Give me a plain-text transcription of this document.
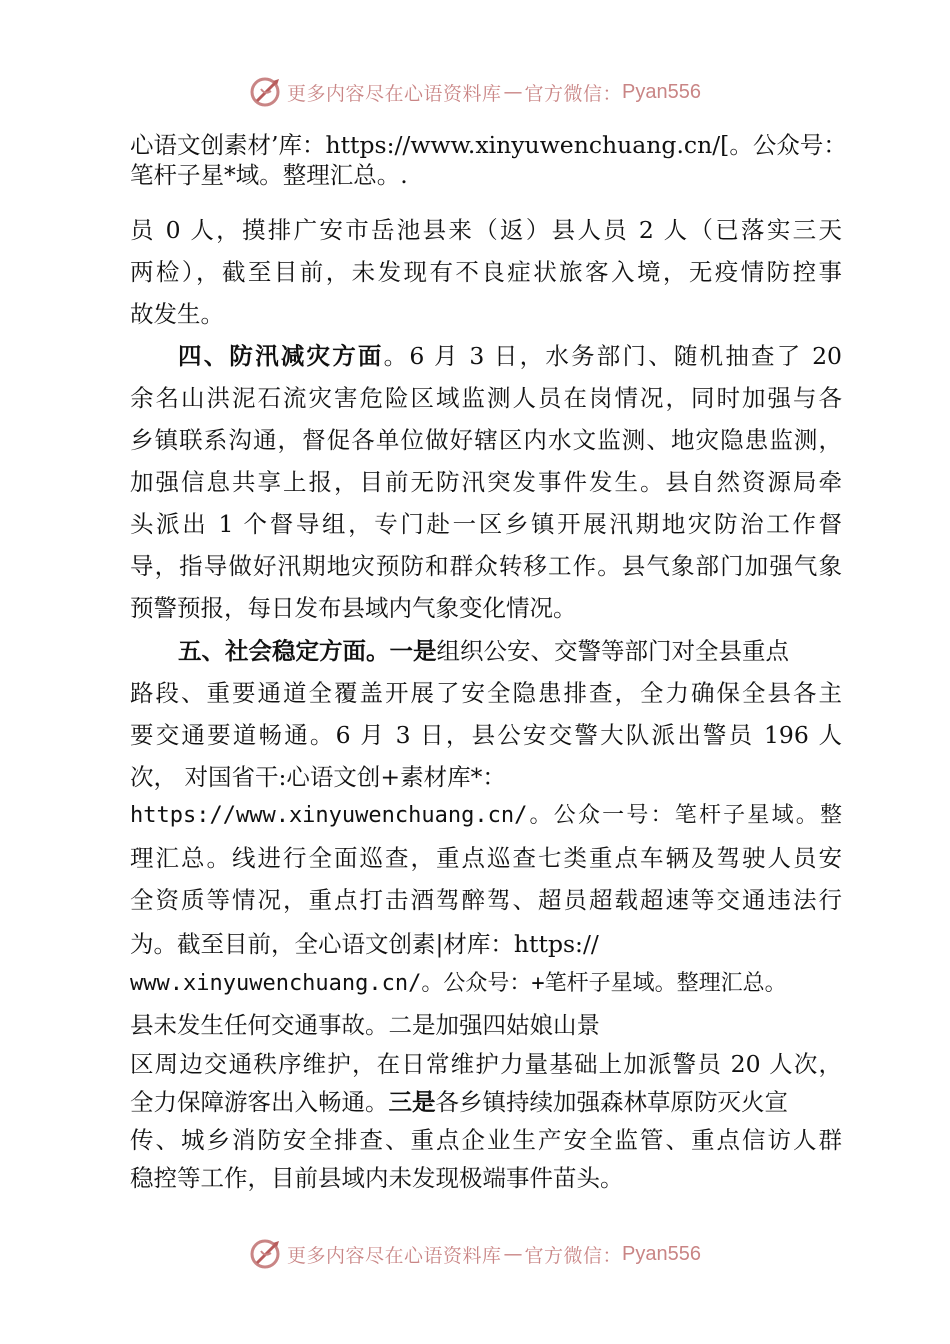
更多内容尽在心语资料库 — 官方微信： Pyan556
心语文创素材’库：https://www.xinyuwenchuang.cn/[。公众号：
笔杆子星*域。整理汇总。.
员 0 人，摸排广安市岳池县来（返）县人员 2 人（已落实三天
两检），截至目前，未发现有不良症状旅客入境，无疫情防控事
故发生。
四、防汛减灾方面。6 月 3 日，水务部门、随机抽查了 20
余名山洪泥石流灾害危险区域监测人员在岗情况，同时加强与各
乡镇联系沟通，督促各单位做好辖区内水文监测、地灾隐患监测，
加强信息共享上报，目前无防汛突发事件发生。县自然资源局牵
头派出 1 个督导组，专门赴一区乡镇开展汛期地灾防治工作督
导，指导做好汛期地灾预防和群众转移工作。县气象部门加强气象
预警预报，每日发布县域内气象变化情况。
五、社会稳定方面。一是组织公安、交警等部门对全县重点
路段、重要通道全覆盖开展了安全隐患排查，全力确保全县各主
要交通要道畅通。6 月 3 日，县公安交警大队派出警员 196 人
次， 对国省干:心语文创+素材库*：
https://www.xinyuwenchuang.cn/。公众一号：笔杆子星域。整
理汇总。线进行全面巡查，重点巡查七类重点车辆及驾驶人员安
全资质等情况，重点打击酒驾醉驾、超员超载超速等交通违法行
为。截至目前，全心语文创素|材库：https://
www.xinyuwenchuang.cn/。公众号：+笔杆子星域。整理汇总。
县未发生任何交通事故。二是加强四姑娘山景
区周边交通秩序维护，在日常维护力量基础上加派警员 20 人次，
全力保障游客出入畅通。三是各乡镇持续加强森林草原防灭火宣
传、城乡消防安全排查、重点企业生产安全监管、重点信访人群
稳控等工作，目前县域内未发现极端事件苗头。
更多内容尽在心语资料库 — 官方微信： Pyan556
